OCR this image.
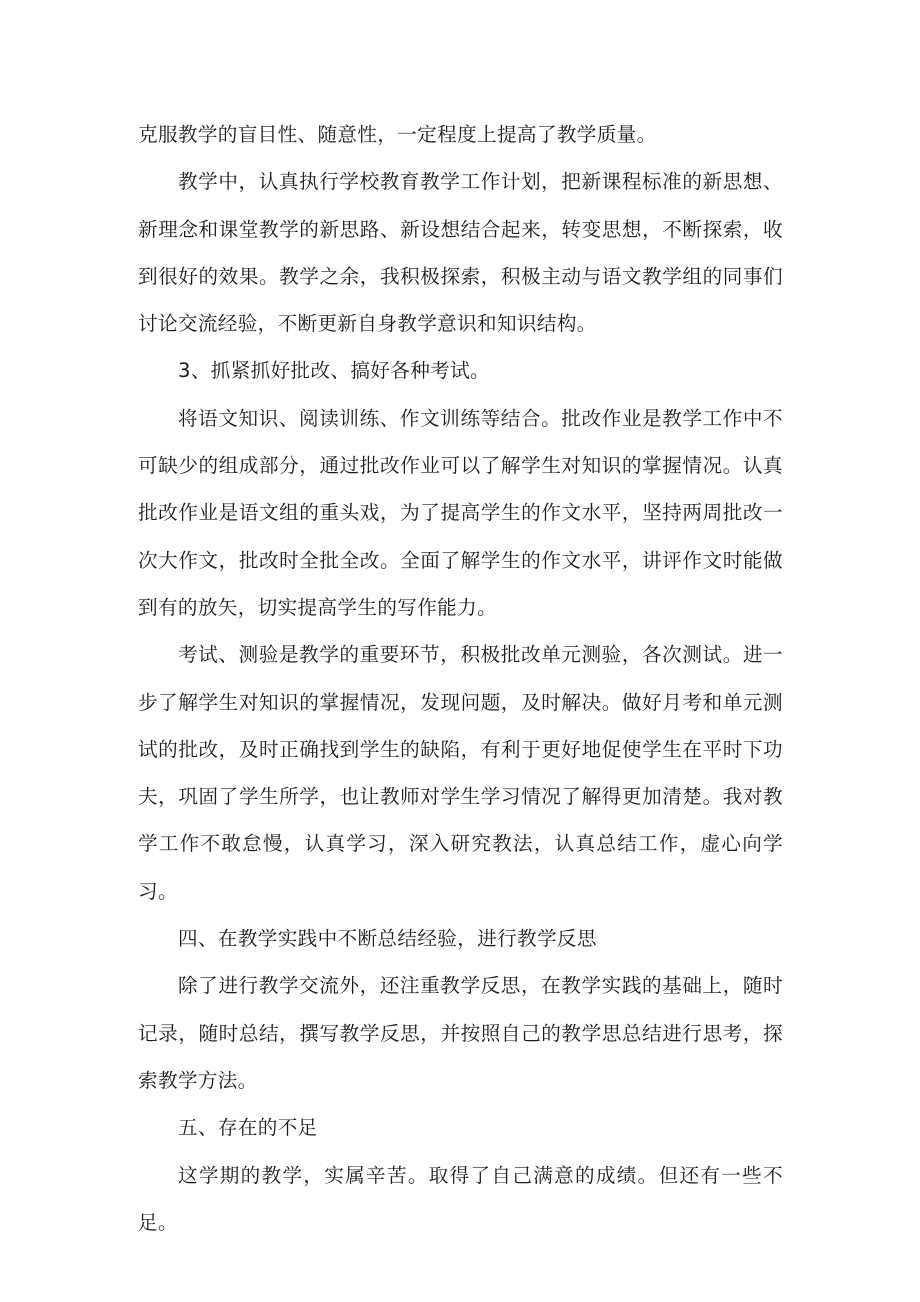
克服教学的盲目性、随意性，一定程度上提高了教学质量。

教学中，认真执行学校教育教学工作计划，把新课程标准的新思想、新理念和课堂教学的新思路、新设想结合起来，转变思想，不断探索，收到很好的效果。教学之余，我积极探索，积极主动与语文教学组的同事们讨论交流经验，不断更新自身教学意识和知识结构。

3、抓紧抓好批改、搞好各种考试。

将语文知识、阅读训练、作文训练等结合。批改作业是教学工作中不可缺少的组成部分，通过批改作业可以了解学生对知识的掌握情况。认真批改作业是语文组的重头戏，为了提高学生的作文水平，坚持两周批改一次大作文，批改时全批全改。全面了解学生的作文水平，讲评作文时能做到有的放矢，切实提高学生的写作能力。

考试、测验是教学的重要环节，积极批改单元测验，各次测试。进一步了解学生对知识的掌握情况，发现问题，及时解决。做好月考和单元测试的批改，及时正确找到学生的缺陷，有利于更好地促使学生在平时下功夫，巩固了学生所学，也让教师对学生学习情况了解得更加清楚。我对教学工作不敢怠慢，认真学习，深入研究教法，认真总结工作，虚心向学习。

四、在教学实践中不断总结经验，进行教学反思

除了进行教学交流外，还注重教学反思，在教学实践的基础上，随时记录，随时总结，撰写教学反思，并按照自己的教学思总结进行思考，探索教学方法。

五、存在的不足

这学期的教学，实属辛苦。取得了自己满意的成绩。但还有一些不足。
